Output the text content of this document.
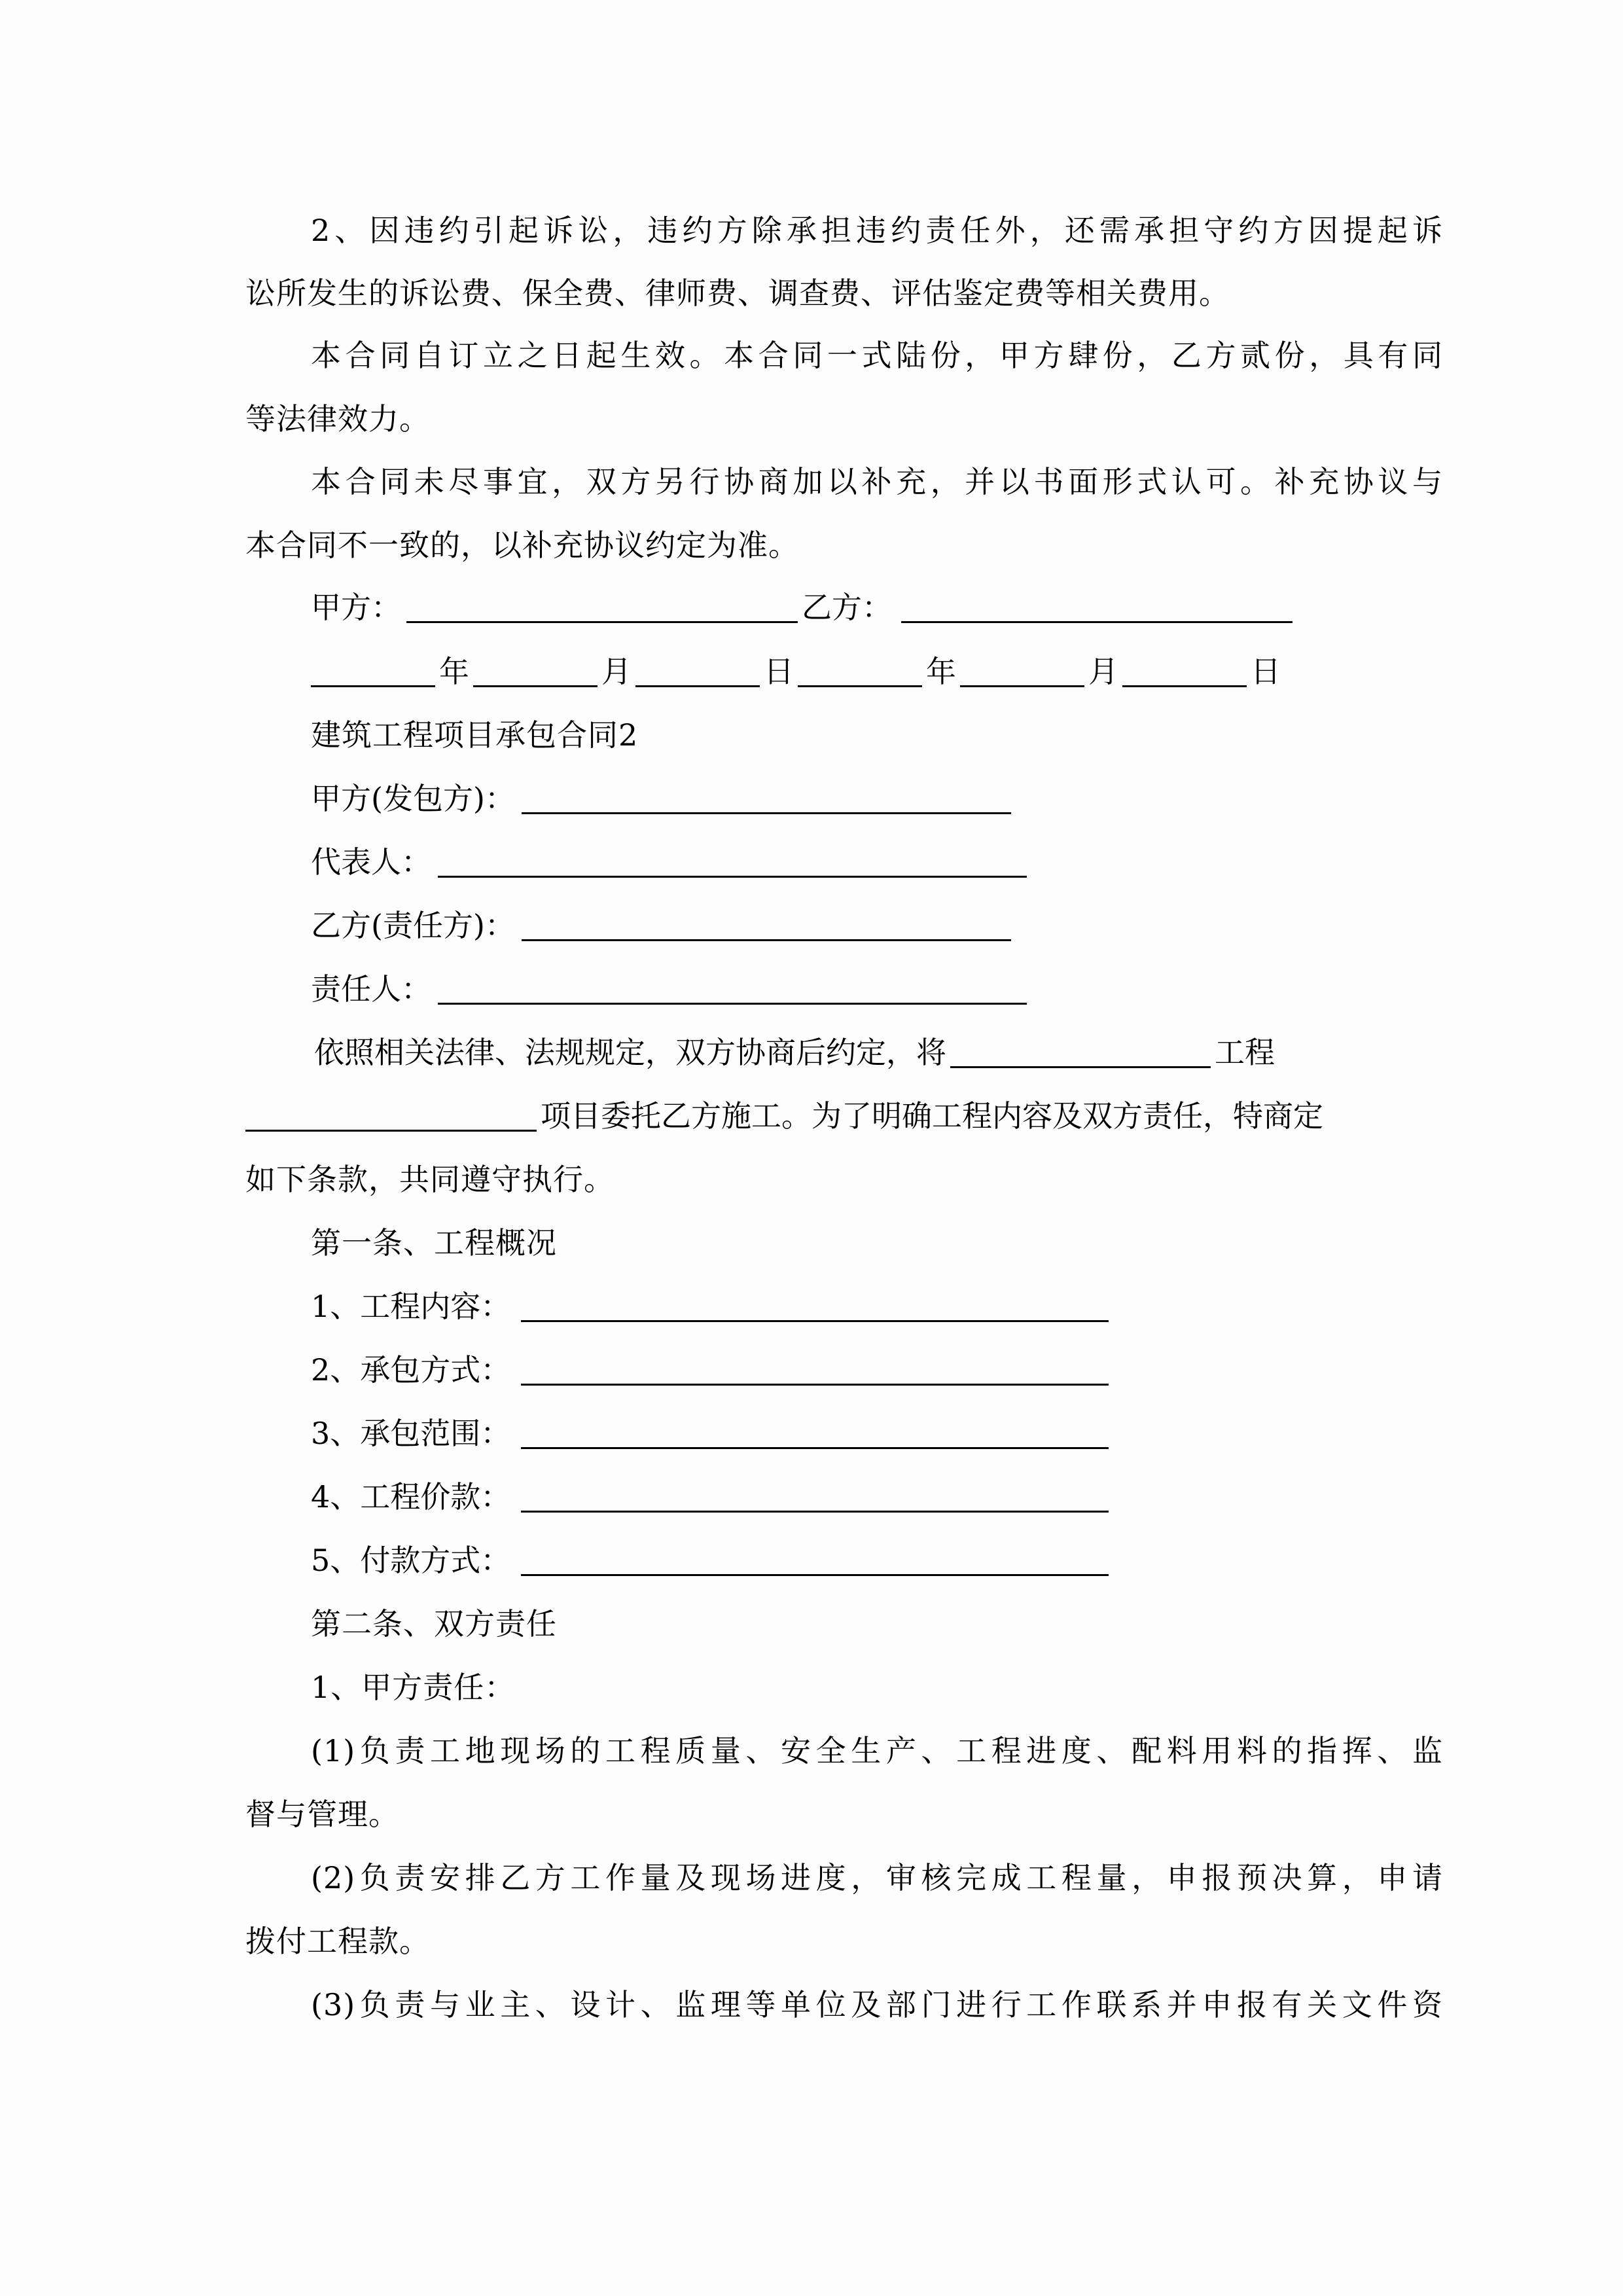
2、因违约引起诉讼，违约方除承担违约责任外，还需承担守约方因提起诉
讼所发生的诉讼费、保全费、律师费、调查费、评估鉴定费等相关费用。
本合同自订立之日起生效。本合同一式陆份，甲方肆份，乙方贰份，具有同
等法律效力。
本合同未尽事宜，双方另行协商加以补充，并以书面形式认可。补充协议与
本合同不一致的，以补充协议约定为准。
甲方：	乙方：
年	月	日	年	月	日
建筑工程项目承包合同2
甲方(发包方)：
代表人：
乙方(责任方)：
责任人：
依照相关法律、法规规定，双方协商后约定，将	工程
项目委托乙方施工。为了明确工程内容及双方责任，特商定
如下条款，共同遵守执行。
第一条、工程概况
1、工程内容：
2、承包方式：
3、承包范围：
4、工程价款：
5、付款方式：
第二条、双方责任
1、甲方责任：
(1)负责工地现场的工程质量、安全生产、工程进度、配料用料的指挥、监
督与管理。
(2)负责安排乙方工作量及现场进度，审核完成工程量，申报预决算，申请
拨付工程款。
(3)负责与业主、设计、监理等单位及部门进行工作联系并申报有关文件资
